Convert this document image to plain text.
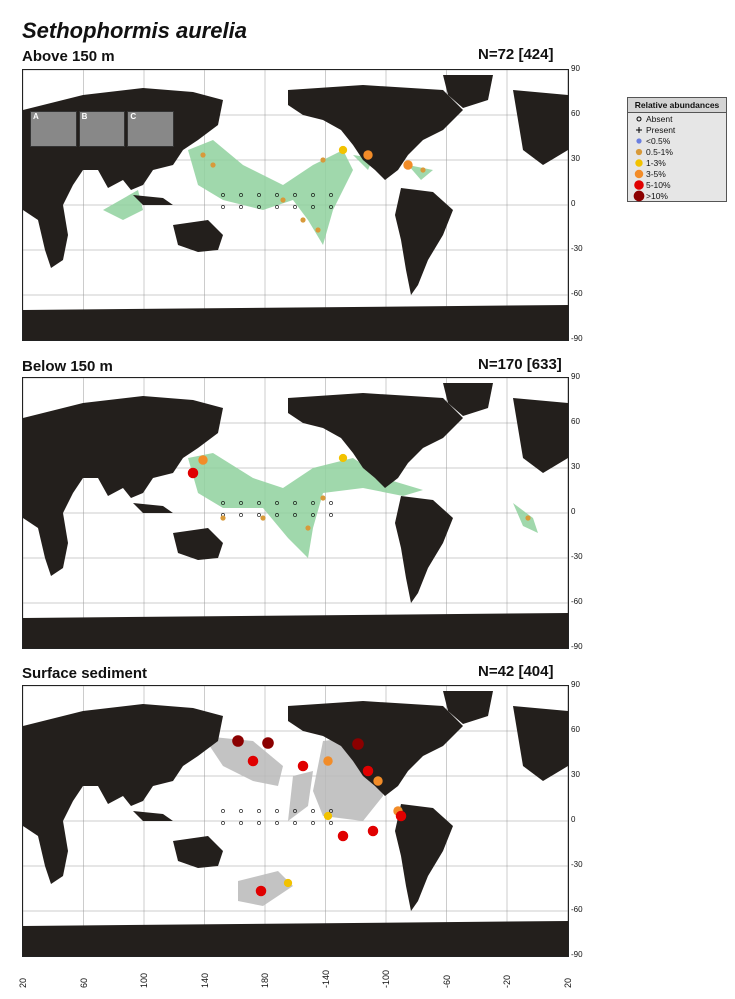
Sethophormis aurelia
Relative abundances
Absent
Present
<0.5%
0.5-1%
1-3%
3-5%
5-10%
>10%
Above 150 m	N=72 [424]
A	B	C
Below 150 m	N=170 [633]
Surface sediment	N=42 [404]
90
60
30
0
-30
-60
-90
90
60
30
0
-30
-60
-90
90
60
30
0
-30
-60
-90
20	60	100	140	180	-140	-100	-60	-20	20
